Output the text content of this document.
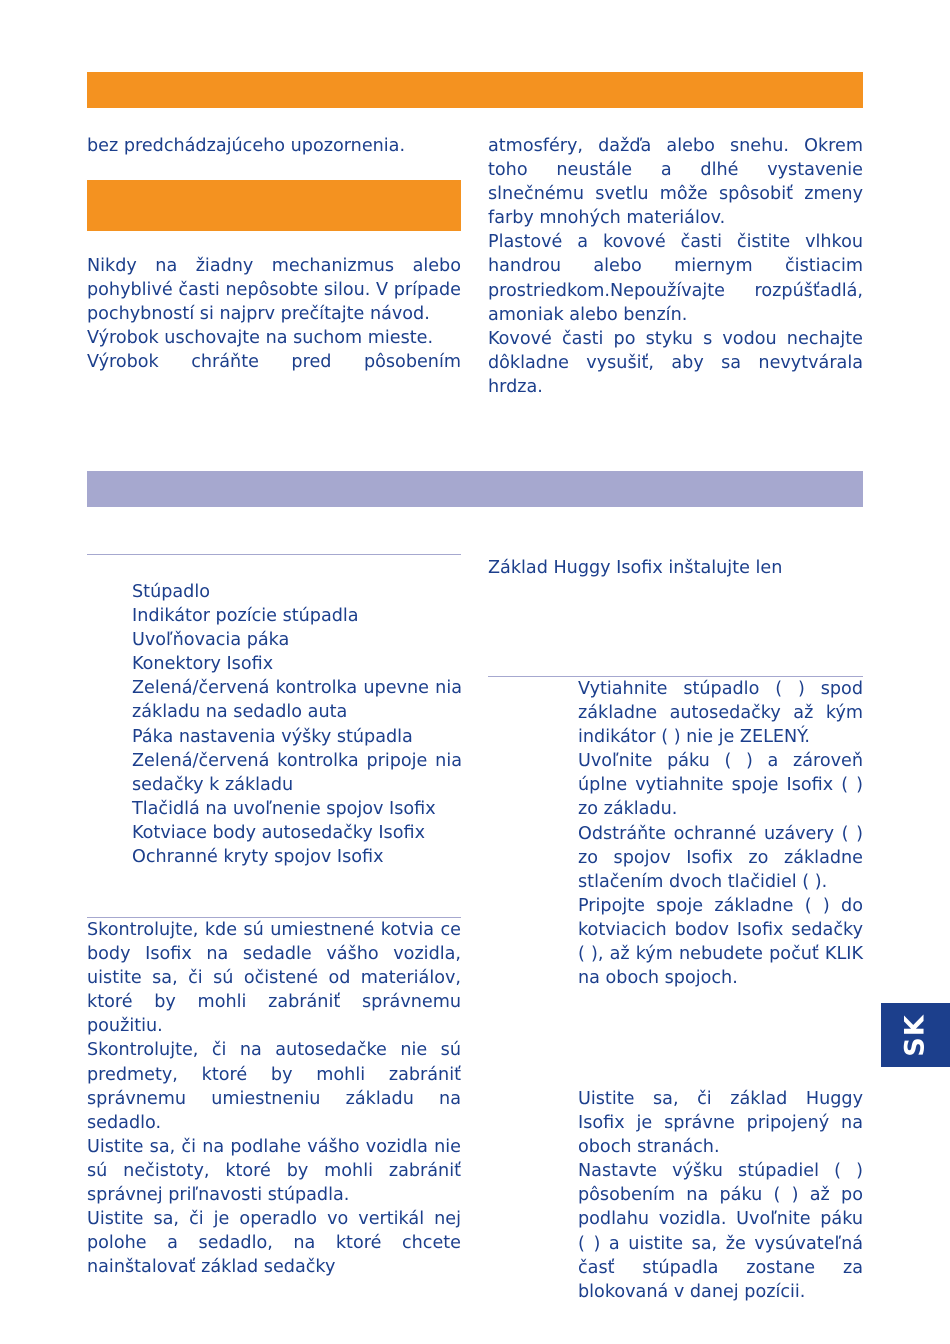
bez predchádzajúceho upozornenia.

Nikdy na žiadny mechanizmus alebo pohyblivé časti nepôsobte silou. V prípade pochybností si najprv prečítajte návod.

Výrobok uschovajte na suchom mieste.

Výrobok chráňte pred pôsobením

atmosféry, dažďa alebo snehu. Okrem toho neustále a dlhé vystavenie slnečnému svetlu môže spôsobiť zmeny farby mnohých materiálov.

Plastové a kovové časti čistite vlhkou handrou alebo miernym čistiacim prostriedkom.Nepoužívajte rozpúšťadlá, amoniak alebo benzín.

Kovové časti po styku s vodou nechajte dôkladne vysušiť, aby sa nevytvárala hrdza.

Stúpadlo
Indikátor pozície stúpadla
Uvoľňovacia páka
Konektory Isofix
Zelená/červená kontrolka upevne nia základu na sedadlo auta
Páka nastavenia výšky stúpadla
Zelená/červená kontrolka pripoje nia sedačky k základu
Tlačidlá na uvoľnenie spojov Isofix
Kotviace body autosedačky Isofix
Ochranné kryty spojov Isofix

Skontrolujte, kde sú umiestnené kotvia ce body Isofix na sedadle vášho vozidla, uistite sa, či sú očistené od materiálov, ktoré by mohli zabrániť správnemu použitiu.

Skontrolujte, či na autosedačke nie sú predmety, ktoré by mohli zabrániť správnemu umiestneniu základu na sedadlo.

Uistite sa, či na podlahe vášho vozidla nie sú nečistoty, ktoré by mohli zabrániť správnej priľnavosti stúpadla.

Uistite sa, či je operadlo vo vertikál nej polohe a sedadlo, na ktoré chcete nainštalovať základ sedačky

Základ Huggy Isofix inštalujte len

Vytiahnite stúpadlo ( ) spod základne autosedačky až kým indikátor ( ) nie je ZELENÝ.

Uvoľnite páku ( ) a zároveň úplne vytiahnite spoje Isofix ( ) zo základu.

Odstráňte ochranné uzávery ( ) zo spojov Isofix zo základne stlačením dvoch tlačidiel ( ).

Pripojte spoje základne ( ) do kotviacich bodov Isofix sedačky ( ), až kým nebudete počuť KLIK na oboch spojoch.

Uistite sa, či základ Huggy Isofix je správne pripojený na oboch stranách.

Nastavte výšku stúpadiel ( ) pôsobením na páku ( ) až po podlahu vozidla. Uvoľnite páku ( ) a uistite sa, že vysúvateľná časť stúpadla zostane za blokovaná v danej pozícii.

SK
